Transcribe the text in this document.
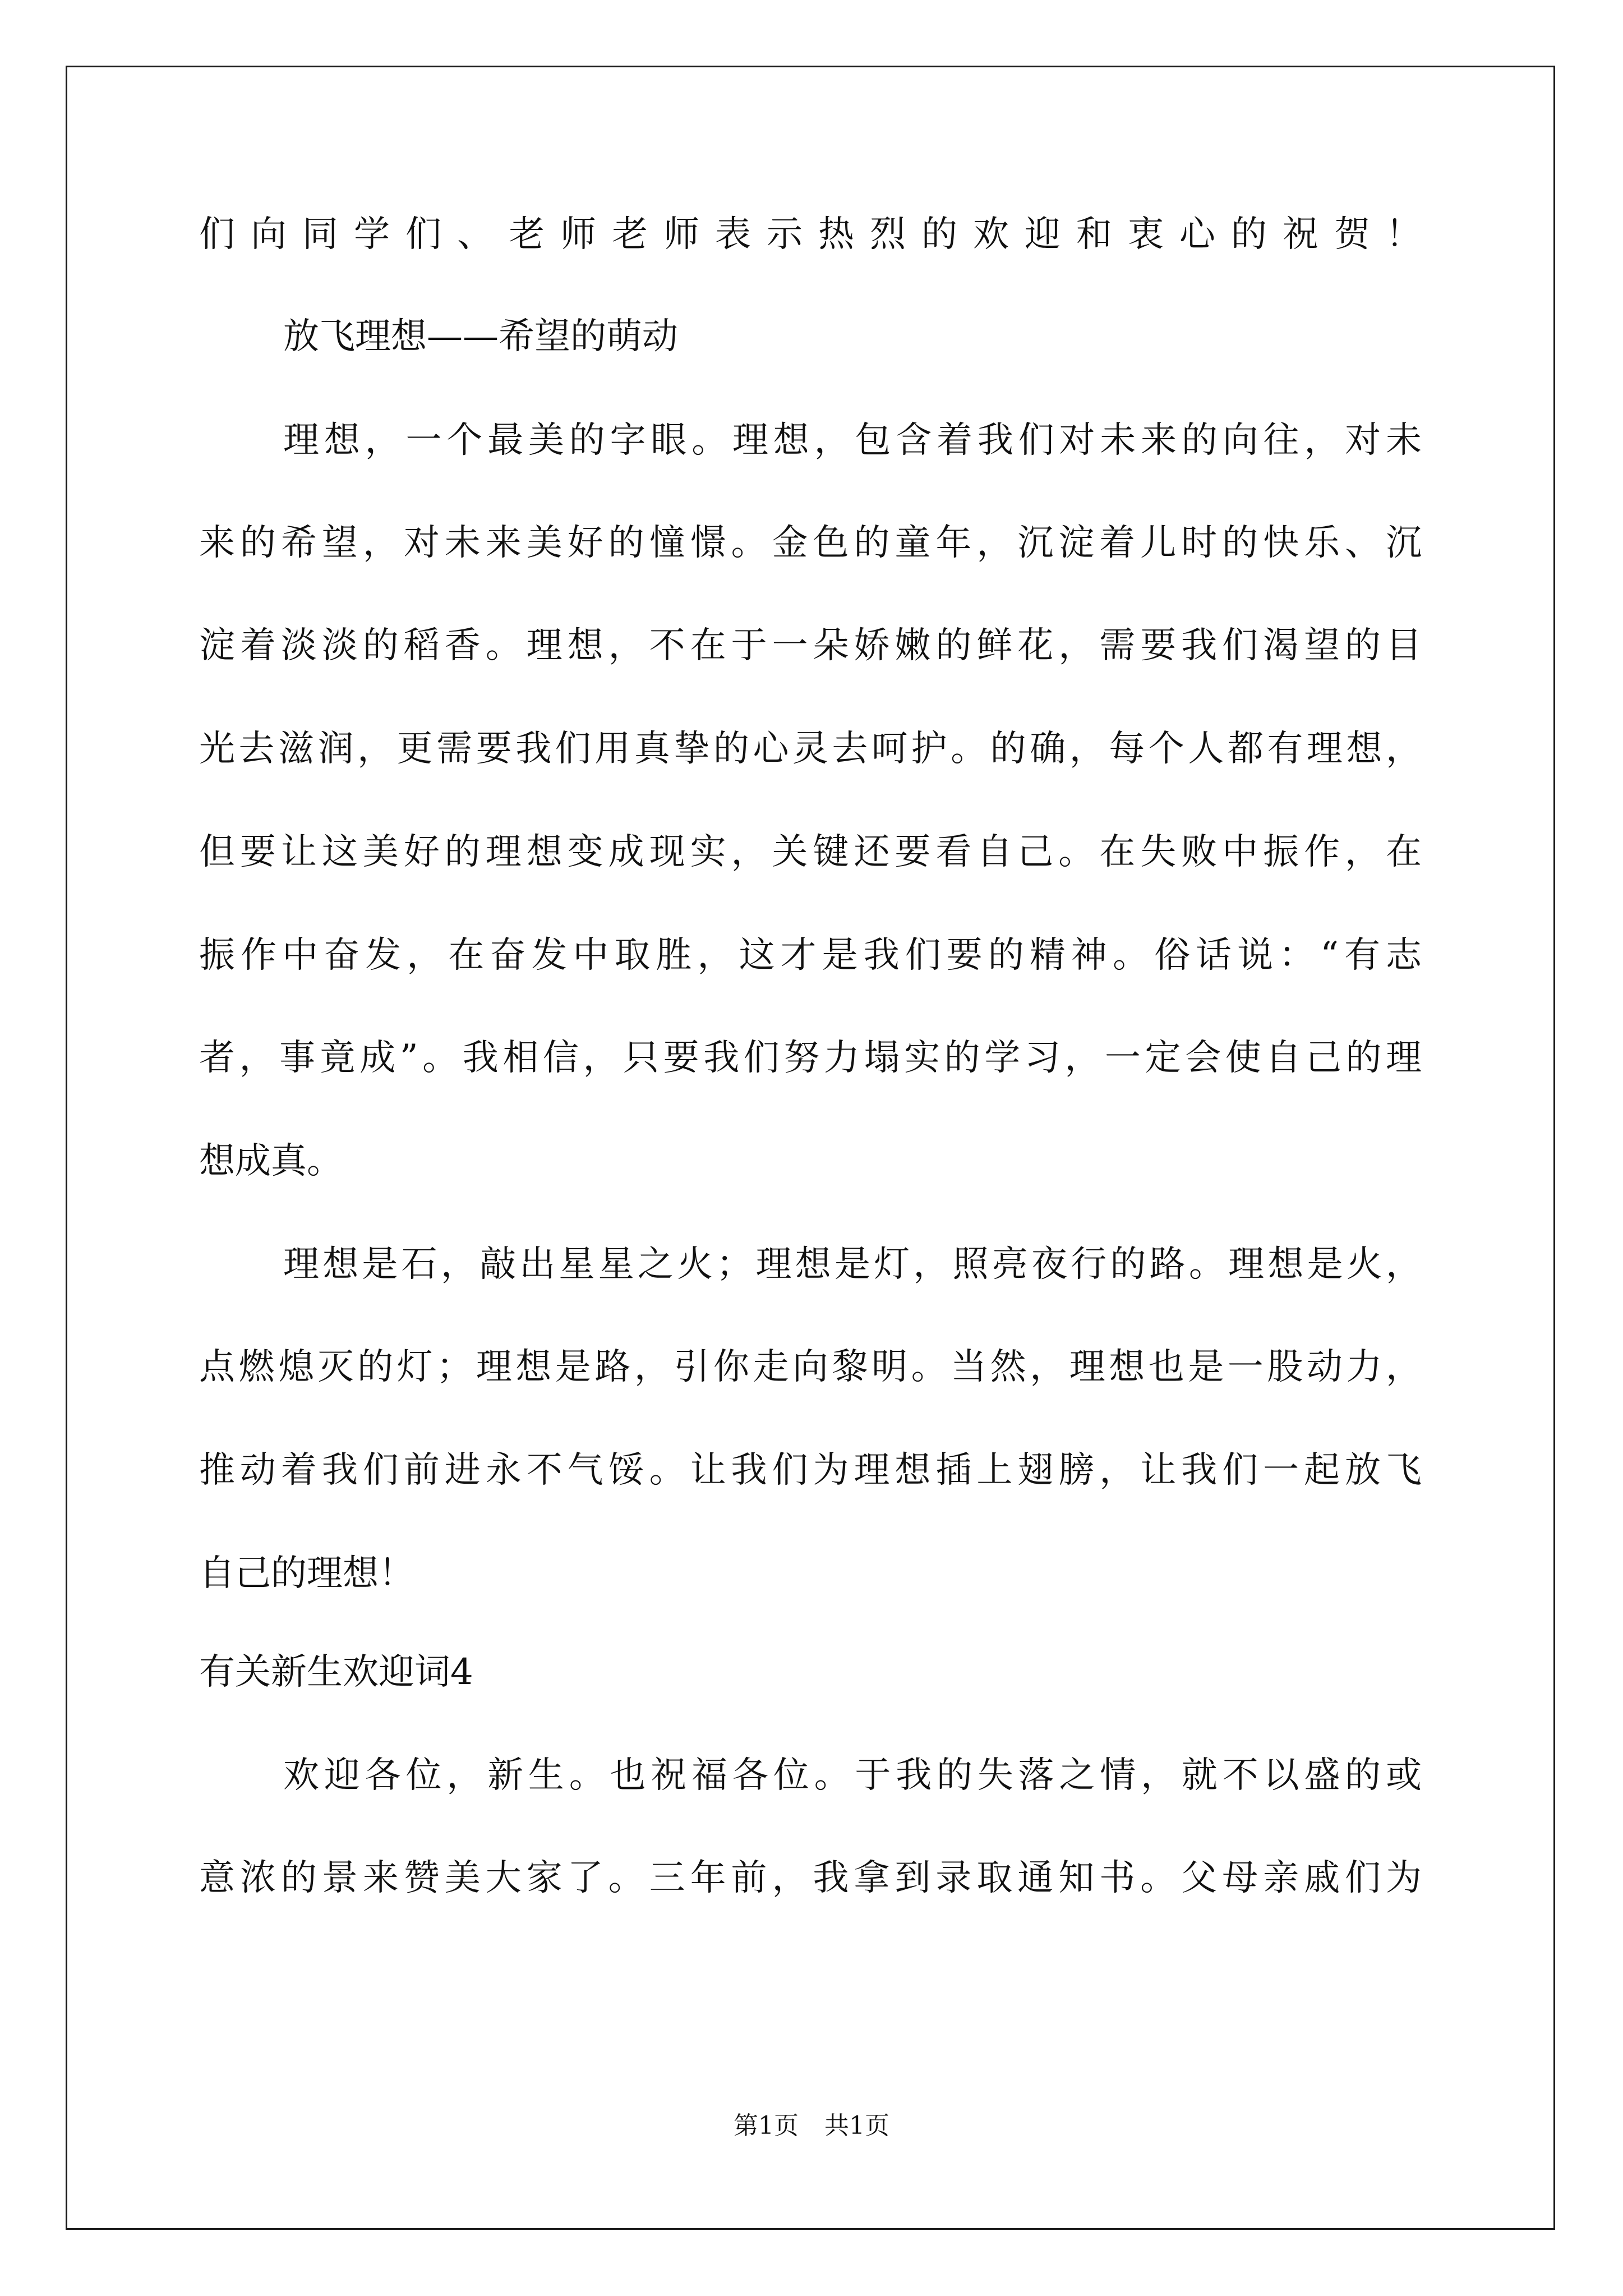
们向同学们、老师老师表示热烈的欢迎和衷心的祝贺！
放飞理想——希望的萌动
理想，一个最美的字眼。理想，包含着我们对未来的向往，对未
来的希望，对未来美好的憧憬。金色的童年，沉淀着儿时的快乐、沉
淀着淡淡的稻香。理想，不在于一朵娇嫩的鲜花，需要我们渴望的目
光去滋润，更需要我们用真挚的心灵去呵护。的确，每个人都有理想，
但要让这美好的理想变成现实，关键还要看自己。在失败中振作，在
振作中奋发，在奋发中取胜，这才是我们要的精神。俗话说：“有志
者，事竟成”。我相信，只要我们努力塌实的学习，一定会使自己的理
想成真。
理想是石，敲出星星之火；理想是灯，照亮夜行的路。理想是火，
点燃熄灭的灯；理想是路，引你走向黎明。当然，理想也是一股动力，
推动着我们前进永不气馁。让我们为理想插上翅膀，让我们一起放飞
自己的理想！
有关新生欢迎词4
欢迎各位，新生。也祝福各位。于我的失落之情，就不以盛的或
意浓的景来赞美大家了。三年前，我拿到录取通知书。父母亲戚们为
第1页 共1页
